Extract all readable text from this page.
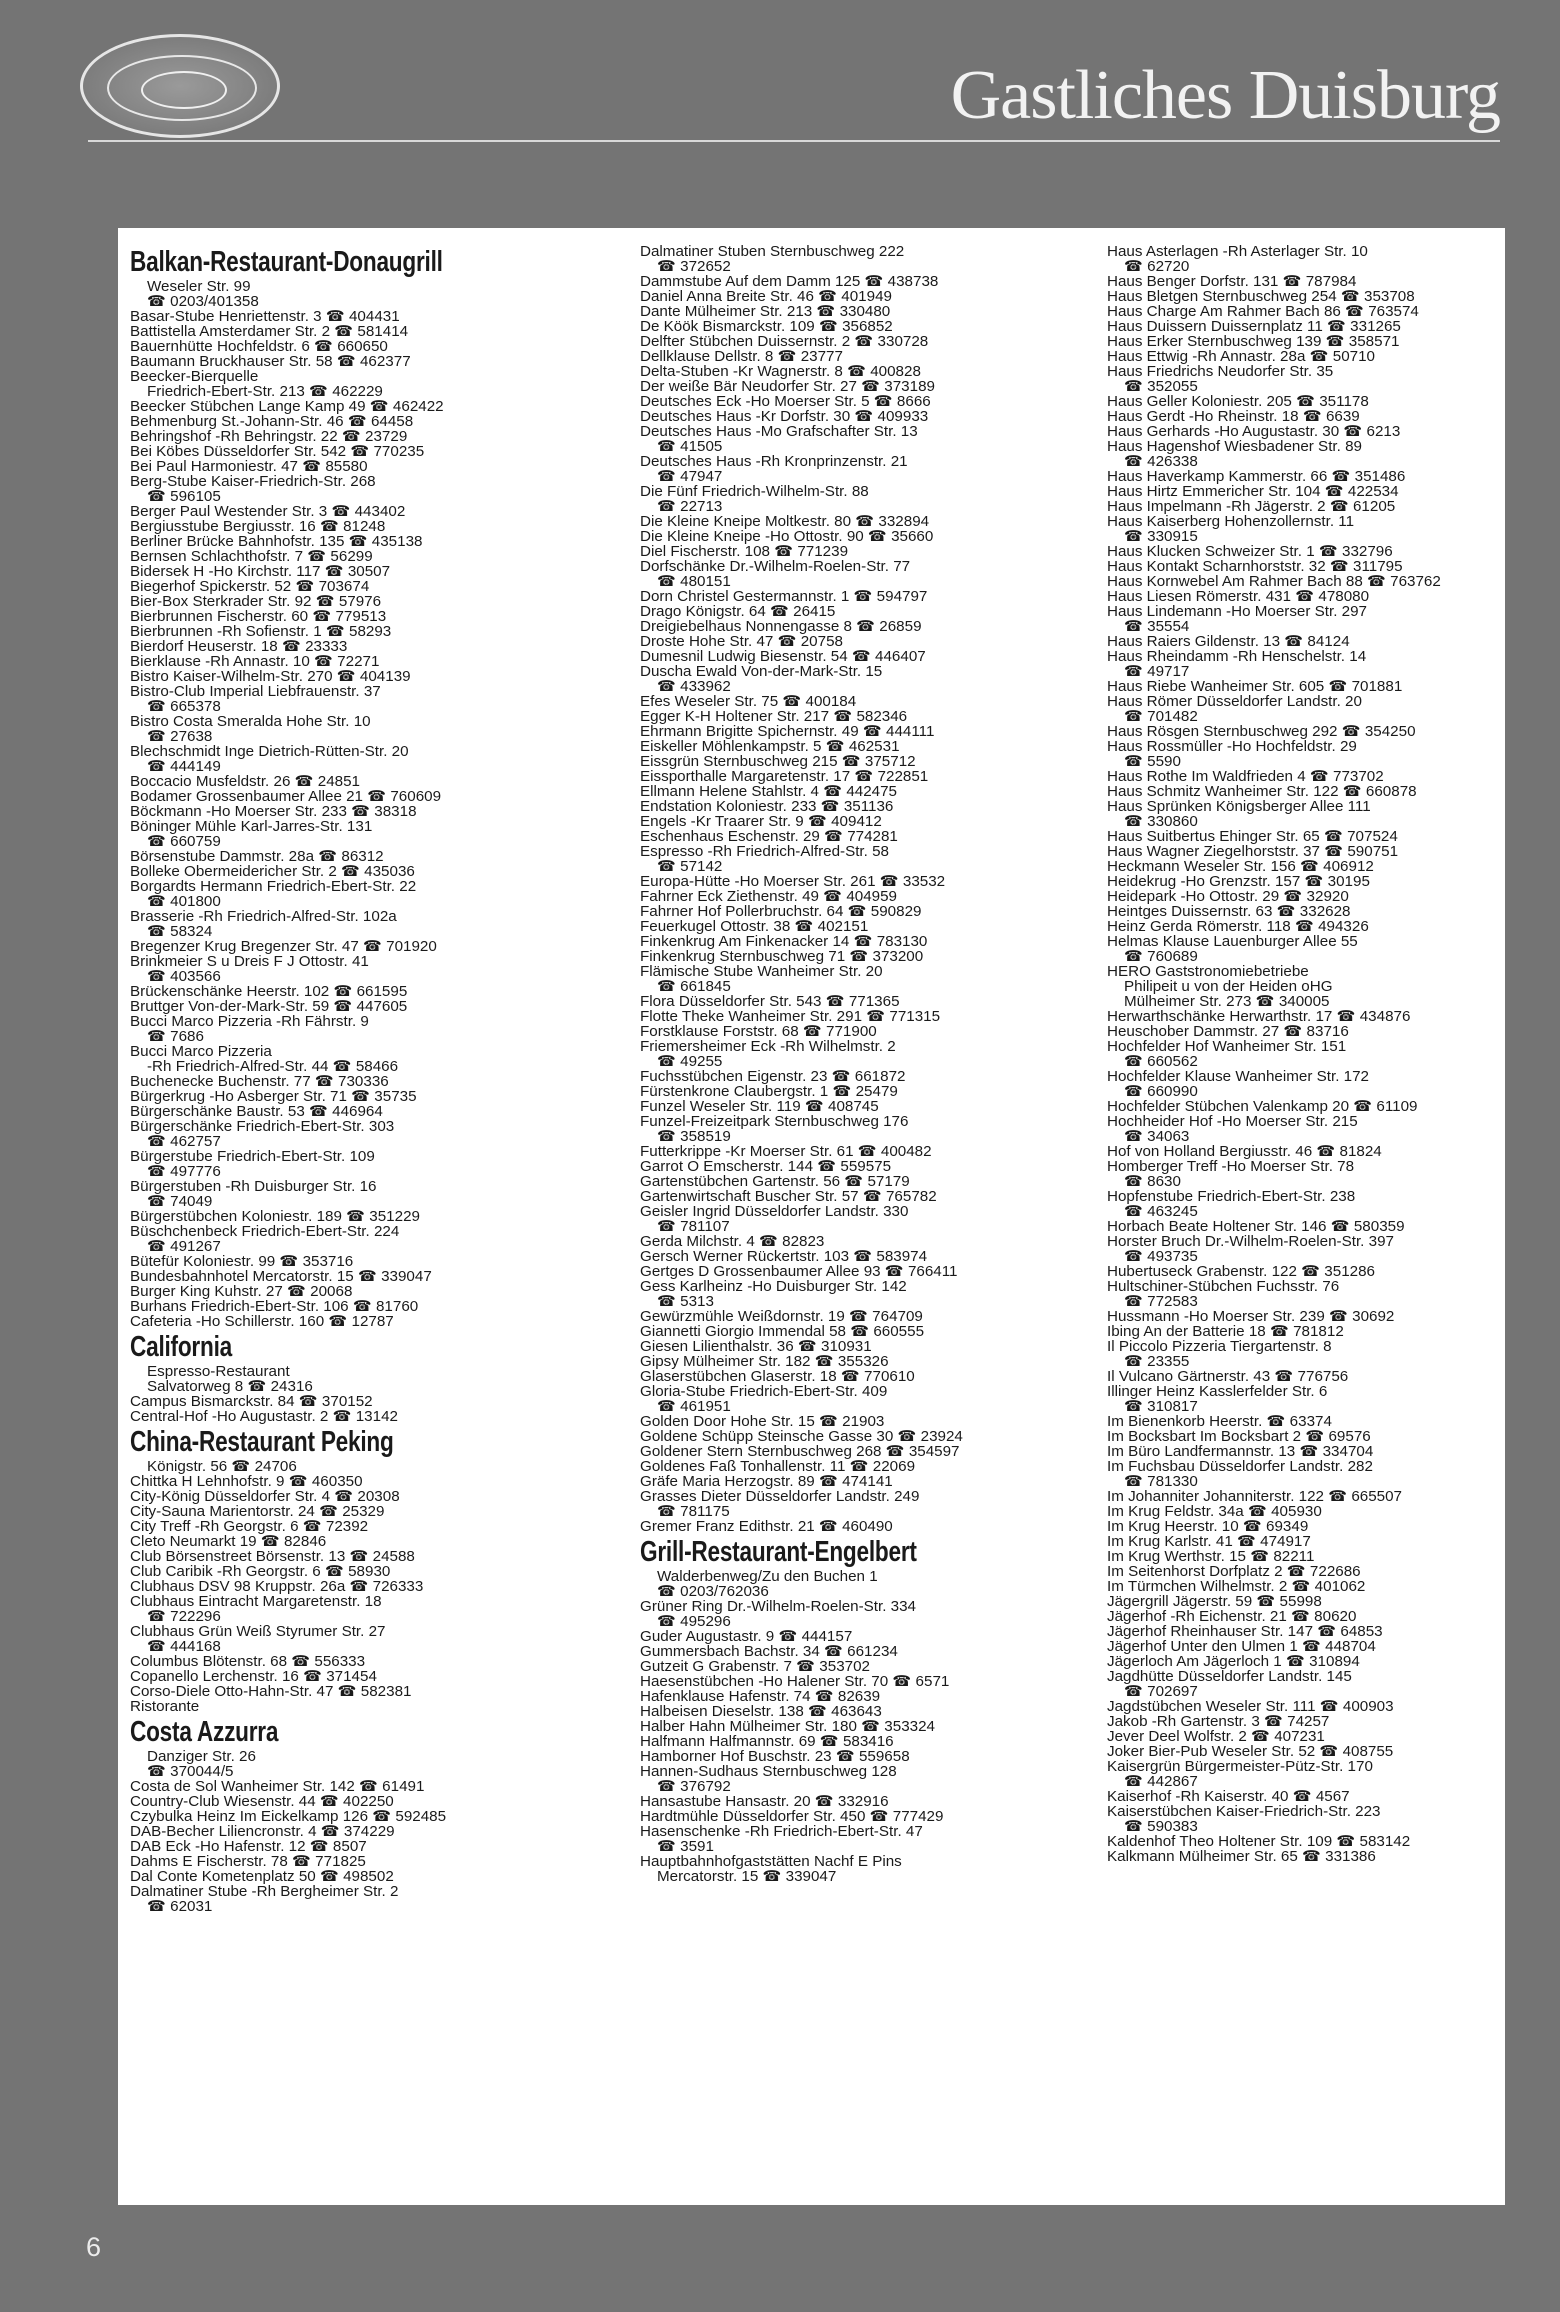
Gastliches Duisburg
Balkan-Restaurant-Donaugrill
Weseler Str. 99
☎ 0203/401358
Basar-Stube Henriettenstr. 3 ☎ 404431
Battistella Amsterdamer Str. 2 ☎ 581414
Bauernhütte Hochfeldstr. 6 ☎ 660650
Baumann Bruckhauser Str. 58 ☎ 462377
Beecker-Bierquelle
Friedrich-Ebert-Str. 213 ☎ 462229
Beecker Stübchen Lange Kamp 49 ☎ 462422
Behmenburg St.-Johann-Str. 46 ☎ 64458
Behringshof -Rh Behringstr. 22 ☎ 23729
Bei Köbes Düsseldorfer Str. 542 ☎ 770235
Bei Paul Harmoniestr. 47 ☎ 85580
Berg-Stube Kaiser-Friedrich-Str. 268
☎ 596105
Berger Paul Westender Str. 3 ☎ 443402
Bergiusstube Bergiusstr. 16 ☎ 81248
Berliner Brücke Bahnhofstr. 135 ☎ 435138
Bernsen Schlachthofstr. 7 ☎ 56299
Bidersek H -Ho Kirchstr. 117 ☎ 30507
Biegerhof Spickerstr. 52 ☎ 703674
Bier-Box Sterkrader Str. 92 ☎ 57976
Bierbrunnen Fischerstr. 60 ☎ 779513
Bierbrunnen -Rh Sofienstr. 1 ☎ 58293
Bierdorf Heuserstr. 18 ☎ 23333
Bierklause -Rh Annastr. 10 ☎ 72271
Bistro Kaiser-Wilhelm-Str. 270 ☎ 404139
Bistro-Club Imperial Liebfrauenstr. 37
☎ 665378
Bistro Costa Smeralda Hohe Str. 10
☎ 27638
Blechschmidt Inge Dietrich-Rütten-Str. 20
☎ 444149
Boccacio Musfeldstr. 26 ☎ 24851
Bodamer Grossenbaumer Allee 21 ☎ 760609
Böckmann -Ho Moerser Str. 233 ☎ 38318
Böninger Mühle Karl-Jarres-Str. 131
☎ 660759
Börsenstube Dammstr. 28a ☎ 86312
Bolleke Obermeidericher Str. 2 ☎ 435036
Borgardts Hermann Friedrich-Ebert-Str. 22
☎ 401800
Brasserie -Rh Friedrich-Alfred-Str. 102a
☎ 58324
Bregenzer Krug Bregenzer Str. 47 ☎ 701920
Brinkmeier S u Dreis F J Ottostr. 41
☎ 403566
Brückenschänke Heerstr. 102 ☎ 661595
Bruttger Von-der-Mark-Str. 59 ☎ 447605
Bucci Marco Pizzeria -Rh Fährstr. 9
☎ 7686
Bucci Marco Pizzeria
-Rh Friedrich-Alfred-Str. 44 ☎ 58466
Buchenecke Buchenstr. 77 ☎ 730336
Bürgerkrug -Ho Asberger Str. 71 ☎ 35735
Bürgerschänke Baustr. 53 ☎ 446964
Bürgerschänke Friedrich-Ebert-Str. 303
☎ 462757
Bürgerstube Friedrich-Ebert-Str. 109
☎ 497776
Bürgerstuben -Rh Duisburger Str. 16
☎ 74049
Bürgerstübchen Koloniestr. 189 ☎ 351229
Büschchenbeck Friedrich-Ebert-Str. 224
☎ 491267
Bütefür Koloniestr. 99 ☎ 353716
Bundesbahnhotel Mercatorstr. 15 ☎ 339047
Burger King Kuhstr. 27 ☎ 20068
Burhans Friedrich-Ebert-Str. 106 ☎ 81760
Cafeteria -Ho Schillerstr. 160 ☎ 12787
California
Espresso-Restaurant
Salvatorweg 8 ☎ 24316
Campus Bismarckstr. 84 ☎ 370152
Central-Hof -Ho Augustastr. 2 ☎ 13142
China-Restaurant Peking
Königstr. 56 ☎ 24706
Chittka H Lehnhofstr. 9 ☎ 460350
City-König Düsseldorfer Str. 4 ☎ 20308
City-Sauna Marientorstr. 24 ☎ 25329
City Treff -Rh Georgstr. 6 ☎ 72392
Cleto Neumarkt 19 ☎ 82846
Club Börsenstreet Börsenstr. 13 ☎ 24588
Club Caribik -Rh Georgstr. 6 ☎ 58930
Clubhaus DSV 98 Kruppstr. 26a ☎ 726333
Clubhaus Eintracht Margaretenstr. 18
☎ 722296
Clubhaus Grün Weiß Styrumer Str. 27
☎ 444168
Columbus Blötenstr. 68 ☎ 556333
Copanello Lerchenstr. 16 ☎ 371454
Corso-Diele Otto-Hahn-Str. 47 ☎ 582381
Ristorante
Costa Azzurra
Danziger Str. 26
☎ 370044/5
Costa de Sol Wanheimer Str. 142 ☎ 61491
Country-Club Wiesenstr. 44 ☎ 402250
Czybulka Heinz Im Eickelkamp 126 ☎ 592485
DAB-Becher Liliencronstr. 4 ☎ 374229
DAB Eck -Ho Hafenstr. 12 ☎ 8507
Dahms E Fischerstr. 78 ☎ 771825
Dal Conte Kometenplatz 50 ☎ 498502
Dalmatiner Stube -Rh Bergheimer Str. 2
☎ 62031
Dalmatiner Stuben Sternbuschweg 222
☎ 372652
Dammstube Auf dem Damm 125 ☎ 438738
Daniel Anna Breite Str. 46 ☎ 401949
Dante Mülheimer Str. 213 ☎ 330480
De Köök Bismarckstr. 109 ☎ 356852
Delfter Stübchen Duissernstr. 2 ☎ 330728
Dellklause Dellstr. 8 ☎ 23777
Delta-Stuben -Kr Wagnerstr. 8 ☎ 400828
Der weiße Bär Neudorfer Str. 27 ☎ 373189
Deutsches Eck -Ho Moerser Str. 5 ☎ 8666
Deutsches Haus -Kr Dorfstr. 30 ☎ 409933
Deutsches Haus -Mo Grafschafter Str. 13
☎ 41505
Deutsches Haus -Rh Kronprinzenstr. 21
☎ 47947
Die Fünf Friedrich-Wilhelm-Str. 88
☎ 22713
Die Kleine Kneipe Moltkestr. 80 ☎ 332894
Die Kleine Kneipe -Ho Ottostr. 90 ☎ 35660
Diel Fischerstr. 108 ☎ 771239
Dorfschänke Dr.-Wilhelm-Roelen-Str. 77
☎ 480151
Dorn Christel Gestermannstr. 1 ☎ 594797
Drago Königstr. 64 ☎ 26415
Dreigiebelhaus Nonnengasse 8 ☎ 26859
Droste Hohe Str. 47 ☎ 20758
Dumesnil Ludwig Biesenstr. 54 ☎ 446407
Duscha Ewald Von-der-Mark-Str. 15
☎ 433962
Efes Weseler Str. 75 ☎ 400184
Egger K-H Holtener Str. 217 ☎ 582346
Ehrmann Brigitte Spichernstr. 49 ☎ 444111
Eiskeller Möhlenkampstr. 5 ☎ 462531
Eissgrün Sternbuschweg 215 ☎ 375712
Eissporthalle Margaretenstr. 17 ☎ 722851
Ellmann Helene Stahlstr. 4 ☎ 442475
Endstation Koloniestr. 233 ☎ 351136
Engels -Kr Traarer Str. 9 ☎ 409412
Eschenhaus Eschenstr. 29 ☎ 774281
Espresso -Rh Friedrich-Alfred-Str. 58
☎ 57142
Europa-Hütte -Ho Moerser Str. 261 ☎ 33532
Fahrner Eck Ziethenstr. 49 ☎ 404959
Fahrner Hof Pollerbruchstr. 64 ☎ 590829
Feuerkugel Ottostr. 38 ☎ 402151
Finkenkrug Am Finkenacker 14 ☎ 783130
Finkenkrug Sternbuschweg 71 ☎ 373200
Flämische Stube Wanheimer Str. 20
☎ 661845
Flora Düsseldorfer Str. 543 ☎ 771365
Flotte Theke Wanheimer Str. 291 ☎ 771315
Forstklause Forststr. 68 ☎ 771900
Friemersheimer Eck -Rh Wilhelmstr. 2
☎ 49255
Fuchsstübchen Eigenstr. 23 ☎ 661872
Fürstenkrone Claubergstr. 1 ☎ 25479
Funzel Weseler Str. 119 ☎ 408745
Funzel-Freizeitpark Sternbuschweg 176
☎ 358519
Futterkrippe -Kr Moerser Str. 61 ☎ 400482
Garrot O Emscherstr. 144 ☎ 559575
Gartenstübchen Gartenstr. 56 ☎ 57179
Gartenwirtschaft Buscher Str. 57 ☎ 765782
Geisler Ingrid Düsseldorfer Landstr. 330
☎ 781107
Gerda Milchstr. 4 ☎ 82823
Gersch Werner Rückertstr. 103 ☎ 583974
Gertges D Grossenbaumer Allee 93 ☎ 766411
Gess Karlheinz -Ho Duisburger Str. 142
☎ 5313
Gewürzmühle Weißdornstr. 19 ☎ 764709
Giannetti Giorgio Immendal 58 ☎ 660555
Giesen Lilienthalstr. 36 ☎ 310931
Gipsy Mülheimer Str. 182 ☎ 355326
Glaserstübchen Glaserstr. 18 ☎ 770610
Gloria-Stube Friedrich-Ebert-Str. 409
☎ 461951
Golden Door Hohe Str. 15 ☎ 21903
Goldene Schüpp Steinsche Gasse 30 ☎ 23924
Goldener Stern Sternbuschweg 268 ☎ 354597
Goldenes Faß Tonhallenstr. 11 ☎ 22069
Gräfe Maria Herzogstr. 89 ☎ 474141
Grasses Dieter Düsseldorfer Landstr. 249
☎ 781175
Gremer Franz Edithstr. 21 ☎ 460490
Grill-Restaurant-Engelbert
Walderbenweg/Zu den Buchen 1
☎ 0203/762036
Grüner Ring Dr.-Wilhelm-Roelen-Str. 334
☎ 495296
Guder Augustastr. 9 ☎ 444157
Gummersbach Bachstr. 34 ☎ 661234
Gutzeit G Grabenstr. 7 ☎ 353702
Haesenstübchen -Ho Halener Str. 70 ☎ 6571
Hafenklause Hafenstr. 74 ☎ 82639
Halbeisen Dieselstr. 138 ☎ 463643
Halber Hahn Mülheimer Str. 180 ☎ 353324
Halfmann Halfmannstr. 69 ☎ 583416
Hamborner Hof Buschstr. 23 ☎ 559658
Hannen-Sudhaus Sternbuschweg 128
☎ 376792
Hansastube Hansastr. 20 ☎ 332916
Hardtmühle Düsseldorfer Str. 450 ☎ 777429
Hasenschenke -Rh Friedrich-Ebert-Str. 47
☎ 3591
Hauptbahnhofgaststätten Nachf E Pins
Mercatorstr. 15 ☎ 339047
Haus Asterlagen -Rh Asterlager Str. 10
☎ 62720
Haus Benger Dorfstr. 131 ☎ 787984
Haus Bletgen Sternbuschweg 254 ☎ 353708
Haus Charge Am Rahmer Bach 86 ☎ 763574
Haus Duissern Duissernplatz 11 ☎ 331265
Haus Erker Sternbuschweg 139 ☎ 358571
Haus Ettwig -Rh Annastr. 28a ☎ 50710
Haus Friedrichs Neudorfer Str. 35
☎ 352055
Haus Geller Koloniestr. 205 ☎ 351178
Haus Gerdt -Ho Rheinstr. 18 ☎ 6639
Haus Gerhards -Ho Augustastr. 30 ☎ 6213
Haus Hagenshof Wiesbadener Str. 89
☎ 426338
Haus Haverkamp Kammerstr. 66 ☎ 351486
Haus Hirtz Emmericher Str. 104 ☎ 422534
Haus Impelmann -Rh Jägerstr. 2 ☎ 61205
Haus Kaiserberg Hohenzollernstr. 11
☎ 330915
Haus Klucken Schweizer Str. 1 ☎ 332796
Haus Kontakt Scharnhorststr. 32 ☎ 311795
Haus Kornwebel Am Rahmer Bach 88 ☎ 763762
Haus Liesen Römerstr. 431 ☎ 478080
Haus Lindemann -Ho Moerser Str. 297
☎ 35554
Haus Raiers Gildenstr. 13 ☎ 84124
Haus Rheindamm -Rh Henschelstr. 14
☎ 49717
Haus Riebe Wanheimer Str. 605 ☎ 701881
Haus Römer Düsseldorfer Landstr. 20
☎ 701482
Haus Rösgen Sternbuschweg 292 ☎ 354250
Haus Rossmüller -Ho Hochfeldstr. 29
☎ 5590
Haus Rothe Im Waldfrieden 4 ☎ 773702
Haus Schmitz Wanheimer Str. 122 ☎ 660878
Haus Sprünken Königsberger Allee 111
☎ 330860
Haus Suitbertus Ehinger Str. 65 ☎ 707524
Haus Wagner Ziegelhorststr. 37 ☎ 590751
Heckmann Weseler Str. 156 ☎ 406912
Heidekrug -Ho Grenzstr. 157 ☎ 30195
Heidepark -Ho Ottostr. 29 ☎ 32920
Heintges Duissernstr. 63 ☎ 332628
Heinz Gerda Römerstr. 118 ☎ 494326
Helmas Klause Lauenburger Allee 55
☎ 760689
HERO Gaststronomiebetriebe
Philipeit u von der Heiden oHG
Mülheimer Str. 273 ☎ 340005
Herwarthschänke Herwarthstr. 17 ☎ 434876
Heuschober Dammstr. 27 ☎ 83716
Hochfelder Hof Wanheimer Str. 151
☎ 660562
Hochfelder Klause Wanheimer Str. 172
☎ 660990
Hochfelder Stübchen Valenkamp 20 ☎ 61109
Hochheider Hof -Ho Moerser Str. 215
☎ 34063
Hof von Holland Bergiusstr. 46 ☎ 81824
Homberger Treff -Ho Moerser Str. 78
☎ 8630
Hopfenstube Friedrich-Ebert-Str. 238
☎ 463245
Horbach Beate Holtener Str. 146 ☎ 580359
Horster Bruch Dr.-Wilhelm-Roelen-Str. 397
☎ 493735
Hubertuseck Grabenstr. 122 ☎ 351286
Hultschiner-Stübchen Fuchsstr. 76
☎ 772583
Hussmann -Ho Moerser Str. 239 ☎ 30692
Ibing An der Batterie 18 ☎ 781812
Il Piccolo Pizzeria Tiergartenstr. 8
☎ 23355
Il Vulcano Gärtnerstr. 43 ☎ 776756
Illinger Heinz Kasslerfelder Str. 6
☎ 310817
Im Bienenkorb Heerstr. ☎ 63374
Im Bocksbart Im Bocksbart 2 ☎ 69576
Im Büro Landfermannstr. 13 ☎ 334704
Im Fuchsbau Düsseldorfer Landstr. 282
☎ 781330
Im Johanniter Johanniterstr. 122 ☎ 665507
Im Krug Feldstr. 34a ☎ 405930
Im Krug Heerstr. 10 ☎ 69349
Im Krug Karlstr. 41 ☎ 474917
Im Krug Werthstr. 15 ☎ 82211
Im Seitenhorst Dorfplatz 2 ☎ 722686
Im Türmchen Wilhelmstr. 2 ☎ 401062
Jägergrill Jägerstr. 59 ☎ 55998
Jägerhof -Rh Eichenstr. 21 ☎ 80620
Jägerhof Rheinhauser Str. 147 ☎ 64853
Jägerhof Unter den Ulmen 1 ☎ 448704
Jägerloch Am Jägerloch 1 ☎ 310894
Jagdhütte Düsseldorfer Landstr. 145
☎ 702697
Jagdstübchen Weseler Str. 111 ☎ 400903
Jakob -Rh Gartenstr. 3 ☎ 74257
Jever Deel Wolfstr. 2 ☎ 407231
Joker Bier-Pub Weseler Str. 52 ☎ 408755
Kaisergrün Bürgermeister-Pütz-Str. 170
☎ 442867
Kaiserhof -Rh Kaiserstr. 40 ☎ 4567
Kaiserstübchen Kaiser-Friedrich-Str. 223
☎ 590383
Kaldenhof Theo Holtener Str. 109 ☎ 583142
Kalkmann Mülheimer Str. 65 ☎ 331386
6
